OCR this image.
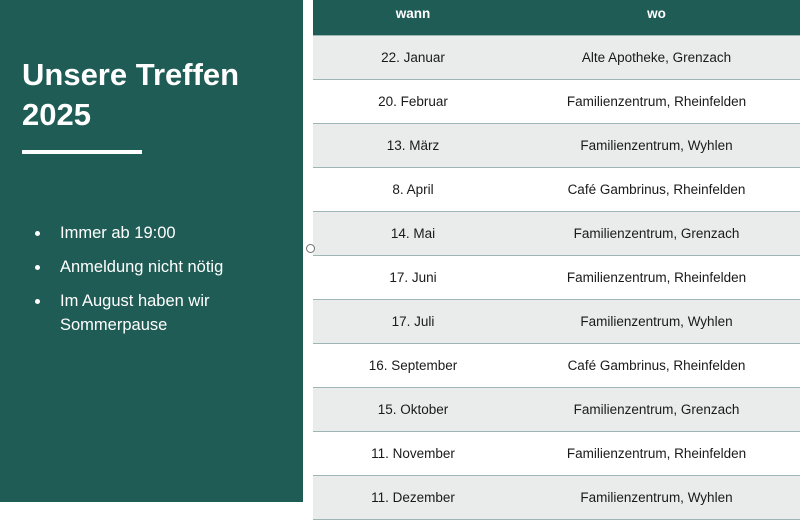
Unsere Treffen 2025
Immer ab 19:00
Anmeldung nicht nötig
Im August haben wir Sommerpause
wann	wo
22. Januar	Alte Apotheke, Grenzach
20. Februar	Familienzentrum, Rheinfelden
13. März	Familienzentrum, Wyhlen
8. April	Café Gambrinus, Rheinfelden
14. Mai	Familienzentrum, Grenzach
17. Juni	Familienzentrum, Rheinfelden
17. Juli	Familienzentrum, Wyhlen
16. September	Café Gambrinus, Rheinfelden
15. Oktober	Familienzentrum, Grenzach
11. November	Familienzentrum, Rheinfelden
11. Dezember	Familienzentrum, Wyhlen
